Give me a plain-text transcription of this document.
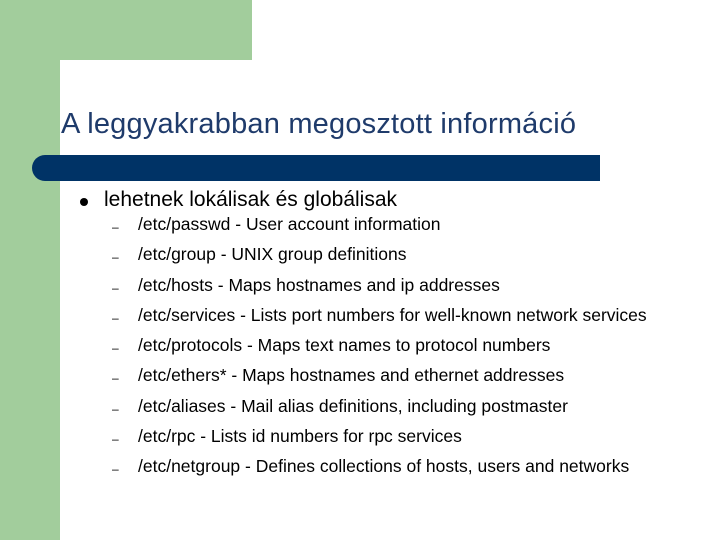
A leggyakrabban megosztott információ
lehetnek lokálisak és globálisak
–	/etc/passwd - User account information
–	/etc/group - UNIX group definitions
–	/etc/hosts - Maps hostnames and ip addresses
–	/etc/services - Lists port numbers for well-known network services
–	/etc/protocols - Maps text names to protocol numbers
–	/etc/ethers* - Maps hostnames and ethernet addresses
–	/etc/aliases - Mail alias definitions, including postmaster
–	/etc/rpc - Lists id numbers for rpc services
–	/etc/netgroup - Defines collections of hosts, users and networks
